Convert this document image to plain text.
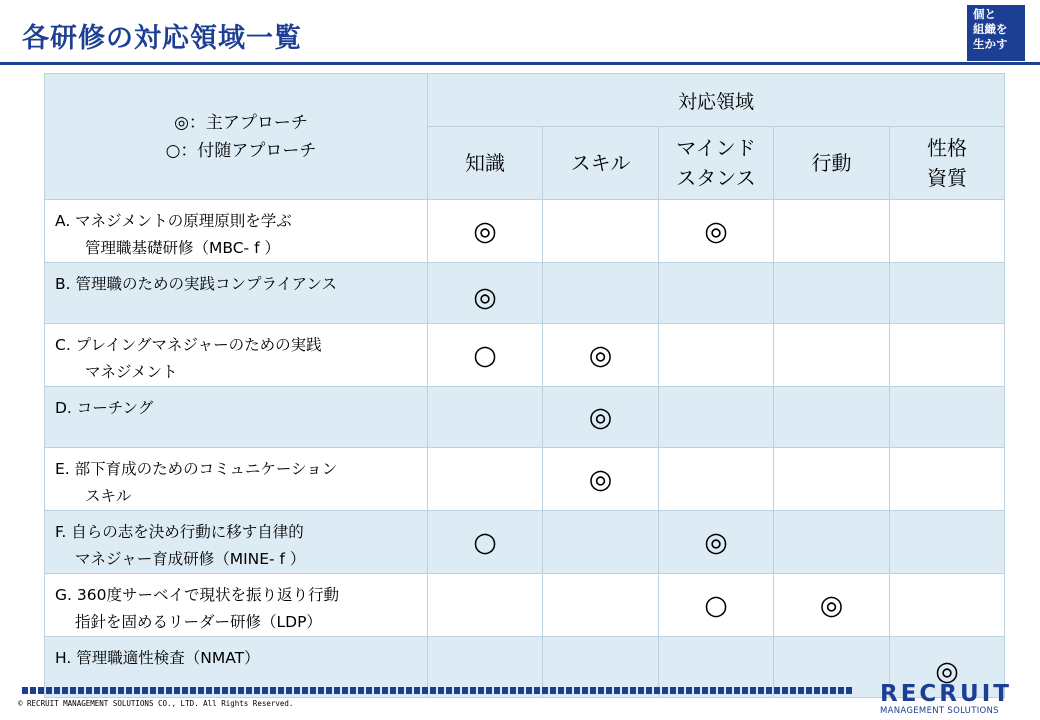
各研修の対応領域一覧
個と
組織を
生かす
◎：主アプローチ
○：付随アプローチ	対応領域				
	知識	スキル	マインド
スタンス	行動	性格
資質
A. マネジメントの原理原則を学ぶ
管理職基礎研修（MBC- f ）	◎		◎		
B. 管理職のための実践コンプライアンス	◎				
C. プレイングマネジャーのための実践
マネジメント	○	◎			
D. コーチング		◎			
E. 部下育成のためのコミュニケーション
スキル		◎			
F. 自らの志を決め行動に移す自律的
マネジャー育成研修（MINE- f ）	○		◎		
G. 360度サーベイで現状を振り返り行動
指針を固めるリーダー研修（LDP）			○	◎	
H. 管理職適性検査（NMAT）					◎
© RECRUIT MANAGEMENT SOLUTIONS CO., LTD. All Rights Reserved.	RECRUIT
MANAGEMENT SOLUTIONS
